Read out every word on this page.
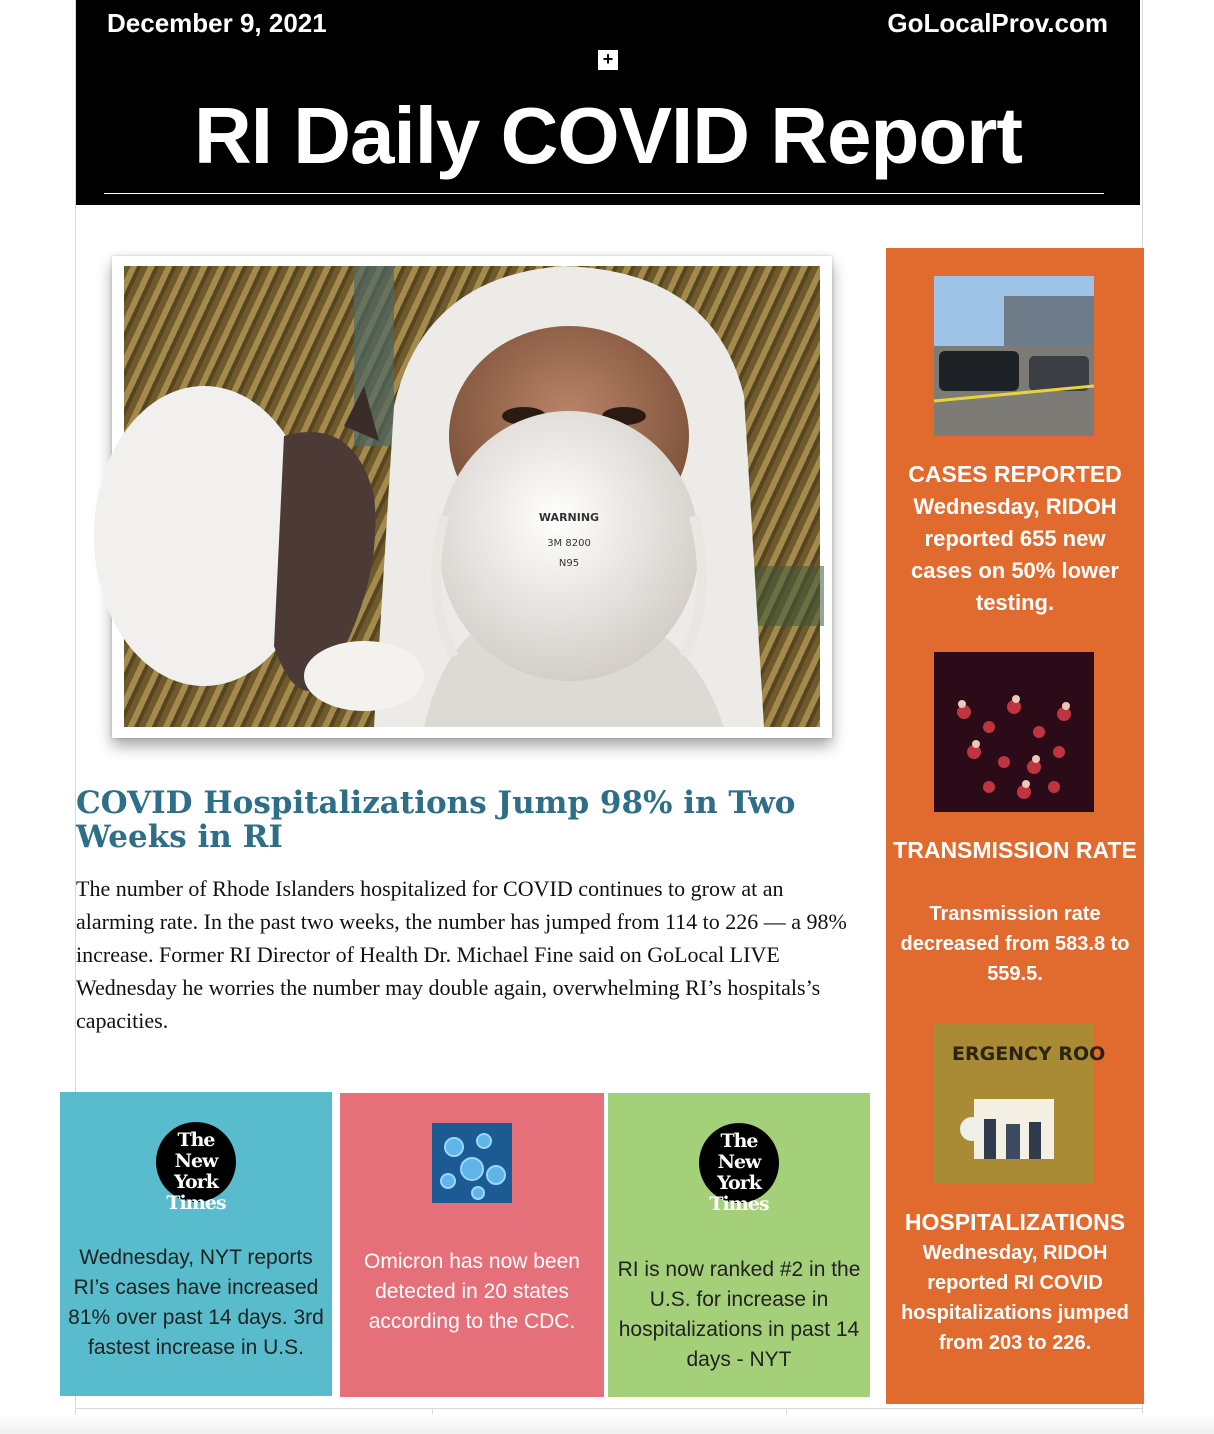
December 9, 2021	GoLocalProv.com
+
RI Daily COVID Report
WARNING
3M 8200
N95
COVID Hospitalizations Jump 98% in Two Weeks in RI
The number of Rhode Islanders hospitalized for COVID continues to grow at an alarming rate. In the past two weeks, the number has jumped from 114 to 226 — a 98% increase. Former RI Director of Health Dr. Michael Fine said on GoLocal LIVE Wednesday he worries the number may double again, overwhelming RI’s hospitals’s capacities.
CASES REPORTED
Wednesday, RIDOH reported 655 new cases on 50% lower testing.
TRANSMISSION RATE
Transmission rate decreased from 583.8 to 559.5.
ERGENCY ROO
HOSPITALIZATIONS
Wednesday, RIDOH reported RI COVID hospitalizations jumped from 203 to 226.
The New York Times
Wednesday, NYT reports RI’s cases have increased 81% over past 14 days. 3rd fastest increase in U.S.
Omicron has now been detected in 20 states according to the CDC.
The New York Times
RI is now ranked #2 in the U.S. for increase in hospitalizations in past 14 days - NYT
